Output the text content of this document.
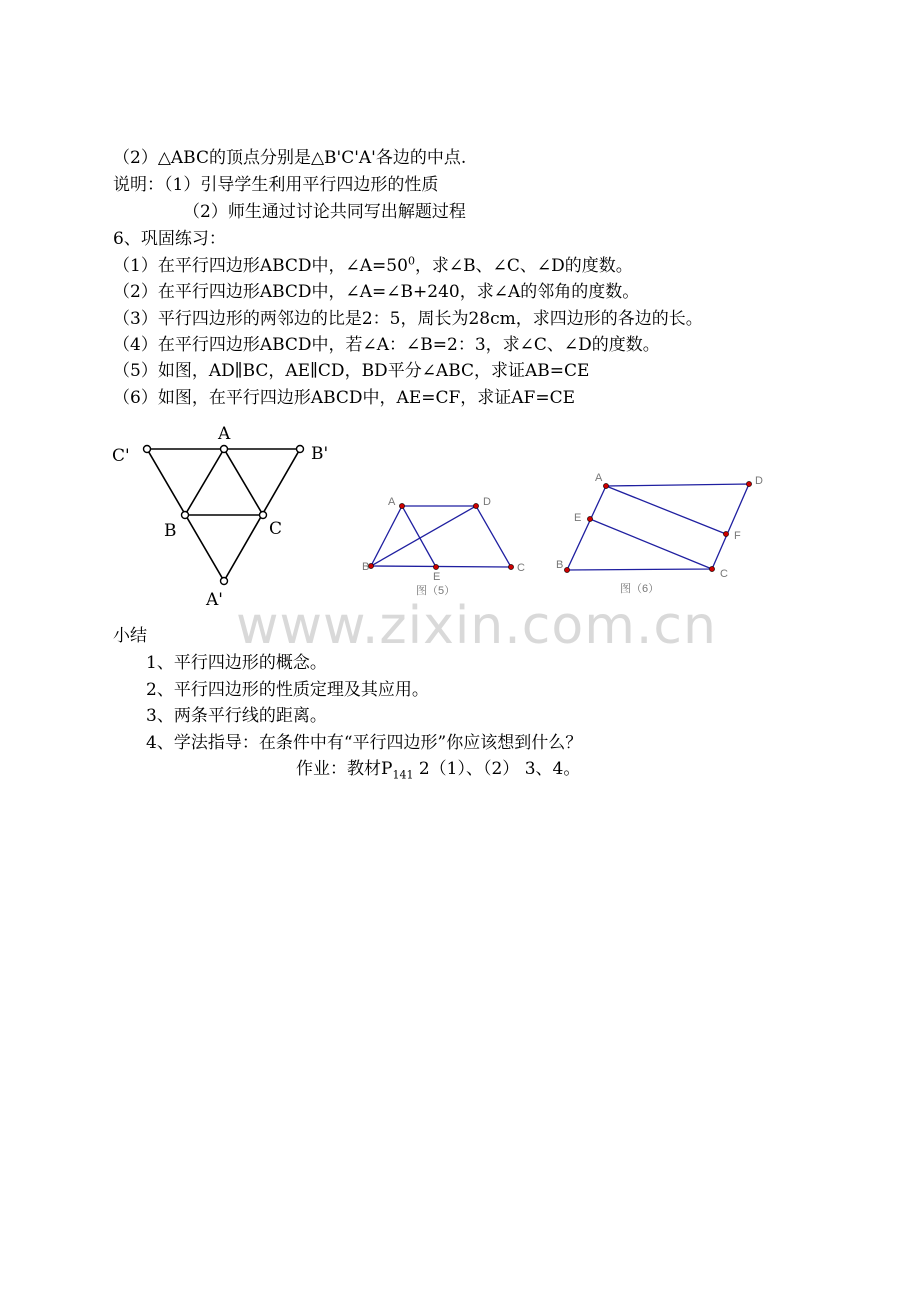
（2）△ABC的顶点分别是△B'C'A'各边的中点.
说明：（1）引导学生利用平行四边形的性质
（2）师生通过讨论共同写出解题过程
6、巩固练习：
（1）在平行四边形ABCD中，$\angle A=50^0$，求∠B、∠C、∠D的度数。
（2）在平行四边形ABCD中，∠A=∠B+240，求∠A的邻角的度数。
（3）平行四边形的两邻边的比是2：5，周长为28cm，求四边形的各边的长。
（4）在平行四边形ABCD中，若∠A：∠B=2：3，求∠C、∠D的度数。
（5）如图，AD∥BC，AE∥CD，BD平分∠ABC，求证AB=CE
（6）如图，在平行四边形ABCD中，AE=CF，求证AF=CE
A
C'	B'
B	C
A'
A	D
B
E
C
图（5）
A	D
E
F
B
C
图（6）
www.zixin.com.cn
小结
1、平行四边形的概念。
2、平行四边形的性质定理及其应用。
3、两条平行线的距离。
4、学法指导：在条件中有“平行四边形”你应该想到什么？
作业：教材$P_{141}$ 2（1）、（2） 3、4。
